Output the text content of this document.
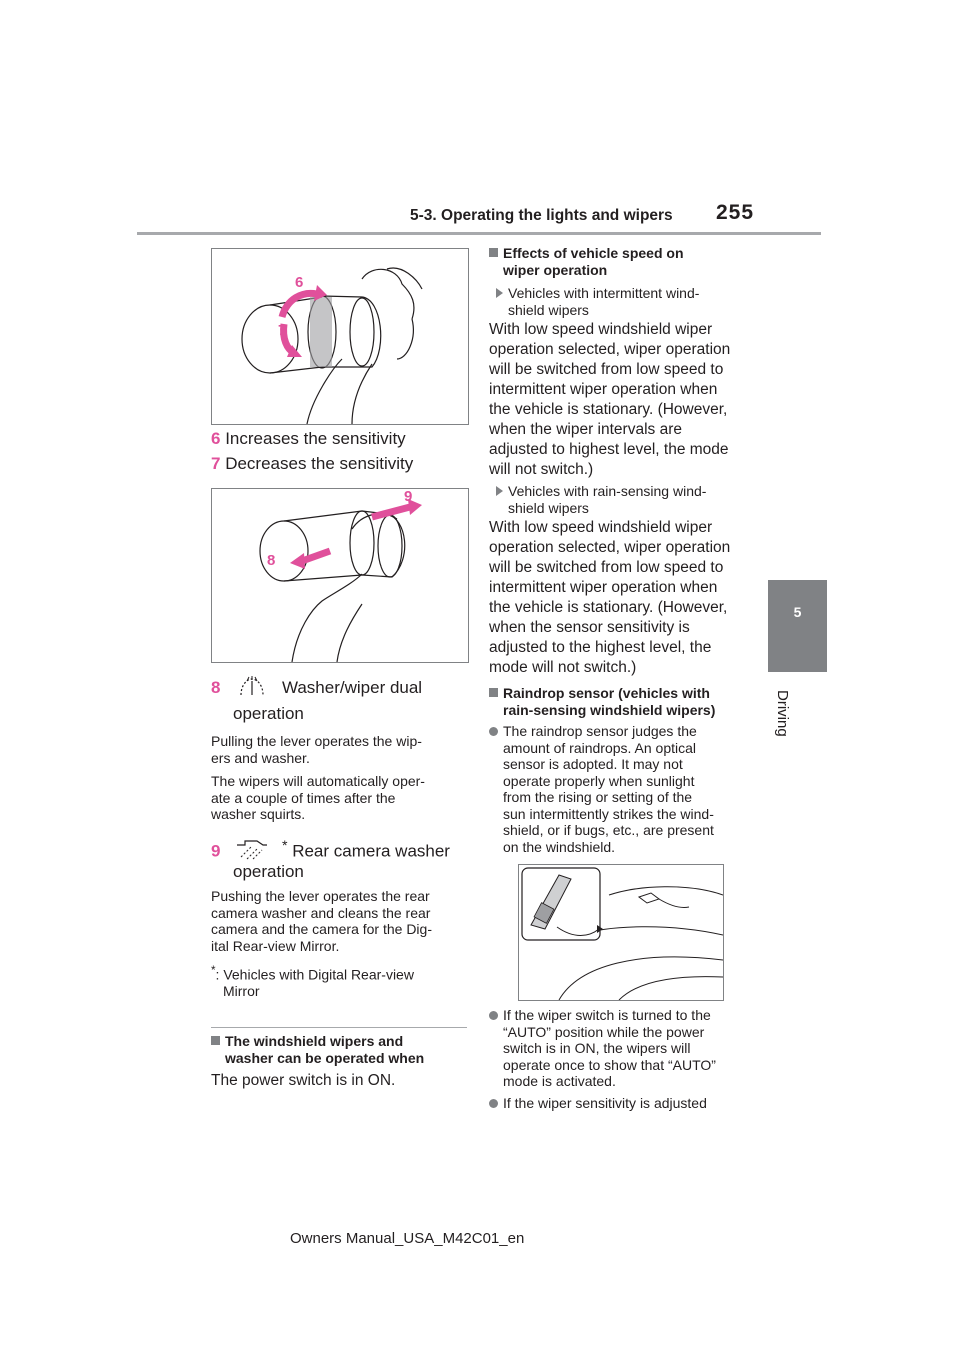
5-3. Operating the lights and wipers 255
5
Driving
6
7
6 Increases the sensitivity
7 Decreases the sensitivity
9
8
8	Washer/wiper dual
operation
Pulling the lever operates the wip-
ers and washer.
The wipers will automatically oper-
ate a couple of times after the
washer squirts.
9	* Rear camera washer
operation
Pushing the lever operates the rear
camera washer and cleans the rear
camera and the camera for the Dig-
ital Rear-view Mirror.
*: Vehicles with Digital Rear-view
Mirror
The windshield wipers and
washer can be operated when
The power switch is in ON.
Effects of vehicle speed on
wiper operation
Vehicles with intermittent wind-
shield wipers
With low speed windshield wiper
operation selected, wiper operation
will be switched from low speed to
intermittent wiper operation when
the vehicle is stationary. (However,
when the wiper intervals are
adjusted to highest level, the mode
will not switch.)
Vehicles with rain-sensing wind-
shield wipers
With low speed windshield wiper
operation selected, wiper operation
will be switched from low speed to
intermittent wiper operation when
the vehicle is stationary. (However,
when the sensor sensitivity is
adjusted to the highest level, the
mode will not switch.)
Raindrop sensor (vehicles with
rain-sensing windshield wipers)
The raindrop sensor judges the
amount of raindrops. An optical
sensor is adopted. It may not
operate properly when sunlight
from the rising or setting of the
sun intermittently strikes the wind-
shield, or if bugs, etc., are present
on the windshield.
If the wiper switch is turned to the
“AUTO” position while the power
switch is in ON, the wipers will
operate once to show that “AUTO”
mode is activated.
If the wiper sensitivity is adjusted
Owners Manual_USA_M42C01_en
